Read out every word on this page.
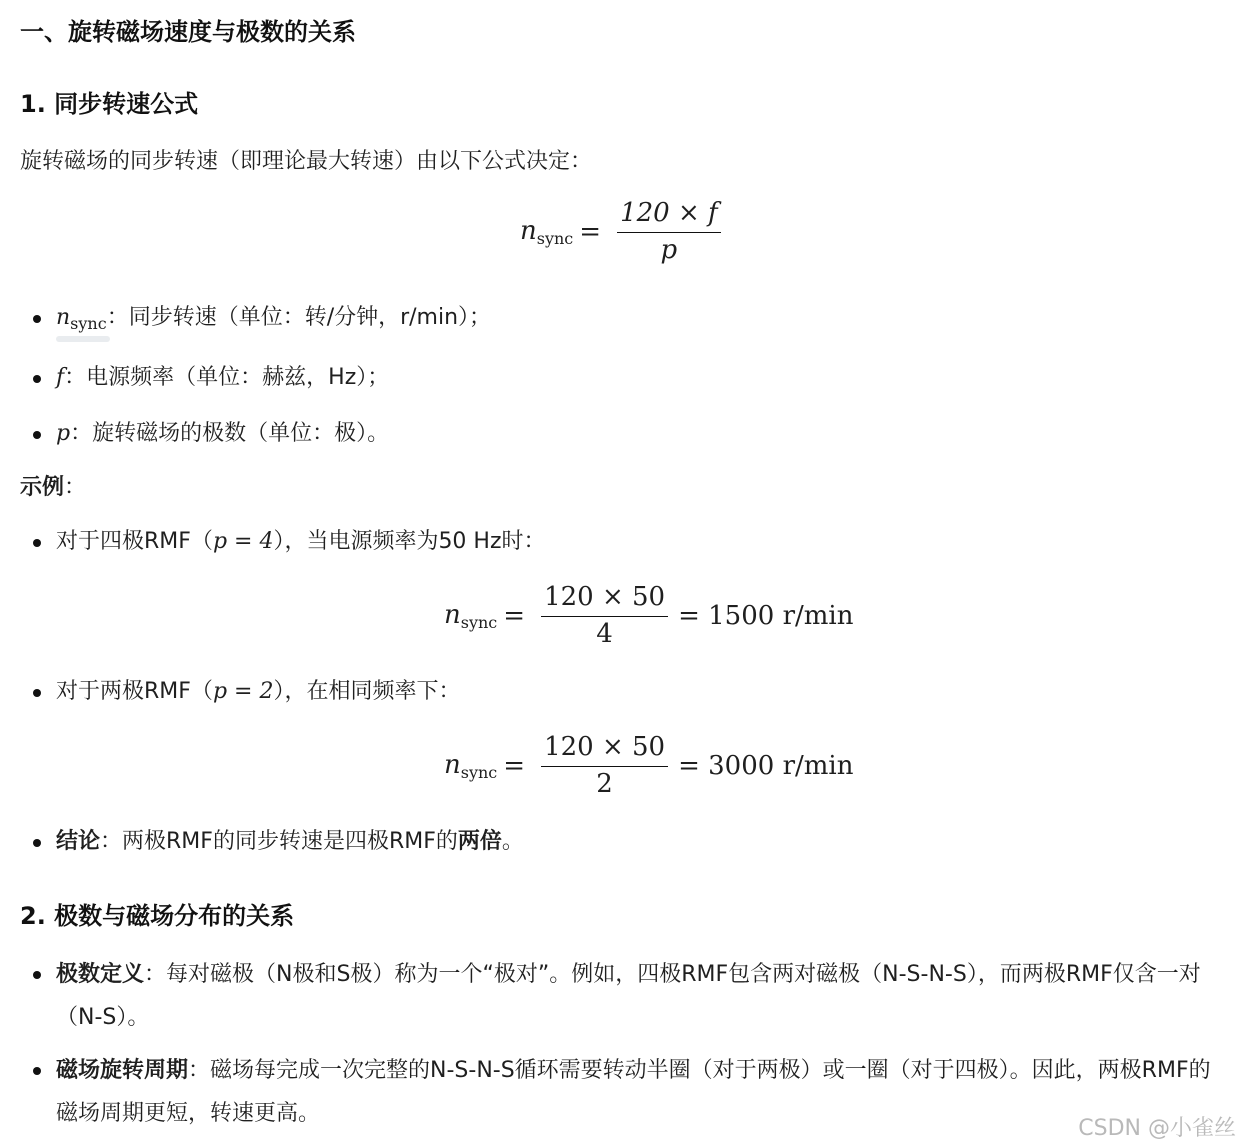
一、旋转磁场速度与极数的关系
1. 同步转速公式

旋转磁场的同步转速（即理论最大转速）由以下公式决定：

$n_{sync} = \frac{120 \times f}{p}$
$n_{sync}$：同步转速（单位：转/分钟，r/min）；
f：电源频率（单位：赫兹，Hz）；
p：旋转磁场的极数（单位：极）。

示例：

对于四极RMF（p = 4），当电源频率为50 Hz时：
$n_{sync} = \frac{120 \times 50}{4} = 1500$ r/min
对于两极RMF（p = 2），在相同频率下：
$n_{sync} = \frac{120 \times 50}{2} = 3000$ r/min
结论：两极RMF的同步转速是四极RMF的两倍。
2. 极数与磁场分布的关系
极数定义：每对磁极（N极和S极）称为一个“极对”。例如，四极RMF包含两对磁极（N-S-N-S），而两极RMF仅含一对（N-S）。
磁场旋转周期：磁场每完成一次完整的N-S-N-S循环需要转动半圈（对于两极）或一圈（对于四极）。因此，两极RMF的磁场周期更短，转速更高。
CSDN @小雀丝
